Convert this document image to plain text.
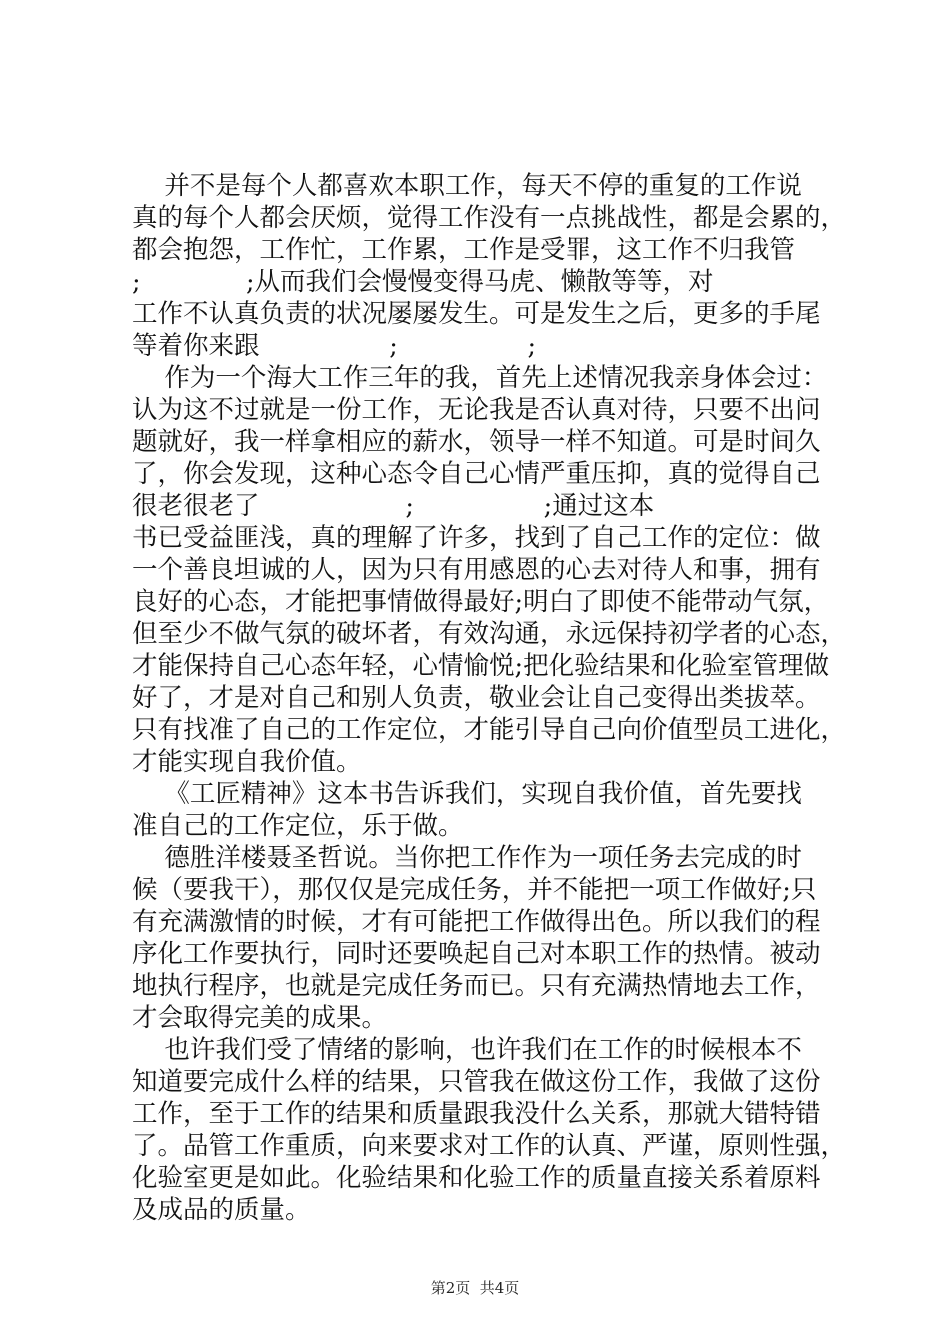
并不是每个人都喜欢本职工作，每天不停的重复的工作说
真的每个人都会厌烦，觉得工作没有一点挑战性，都是会累的，
都会抱怨，工作忙，工作累，工作是受罪，这工作不归我管
;             ;从而我们会慢慢变得马虎、懒散等等，对
工作不认真负责的状况屡屡发生。可是发生之后，更多的手尾
等着你来跟                ;                ;
作为一个海大工作三年的我，首先上述情况我亲身体会过：
认为这不过就是一份工作，无论我是否认真对待，只要不出问
题就好，我一样拿相应的薪水，领导一样不知道。可是时间久
了，你会发现，这种心态令自己心情严重压抑，真的觉得自己
很老很老了                  ;                ;通过这本
书已受益匪浅，真的理解了许多，找到了自己工作的定位：做
一个善良坦诚的人，因为只有用感恩的心去对待人和事，拥有
良好的心态，才能把事情做得最好;明白了即使不能带动气氛，
但至少不做气氛的破坏者，有效沟通，永远保持初学者的心态，
才能保持自己心态年轻，心情愉悦;把化验结果和化验室管理做
好了，才是对自己和别人负责，敬业会让自己变得出类拔萃。
只有找准了自己的工作定位，才能引导自己向价值型员工进化，
才能实现自我价值。
《工匠精神》这本书告诉我们，实现自我价值，首先要找
准自己的工作定位，乐于做。
德胜洋楼聂圣哲说。当你把工作作为一项任务去完成的时
候（要我干），那仅仅是完成任务，并不能把一项工作做好;只
有充满激情的时候，才有可能把工作做得出色。所以我们的程
序化工作要执行，同时还要唤起自己对本职工作的热情。被动
地执行程序，也就是完成任务而已。只有充满热情地去工作，
才会取得完美的成果。
也许我们受了情绪的影响，也许我们在工作的时候根本不
知道要完成什么样的结果，只管我在做这份工作，我做了这份
工作，至于工作的结果和质量跟我没什么关系，那就大错特错
了。品管工作重质，向来要求对工作的认真、严谨，原则性强，
化验室更是如此。化验结果和化验工作的质量直接关系着原料
及成品的质量。
第2页  共4页
